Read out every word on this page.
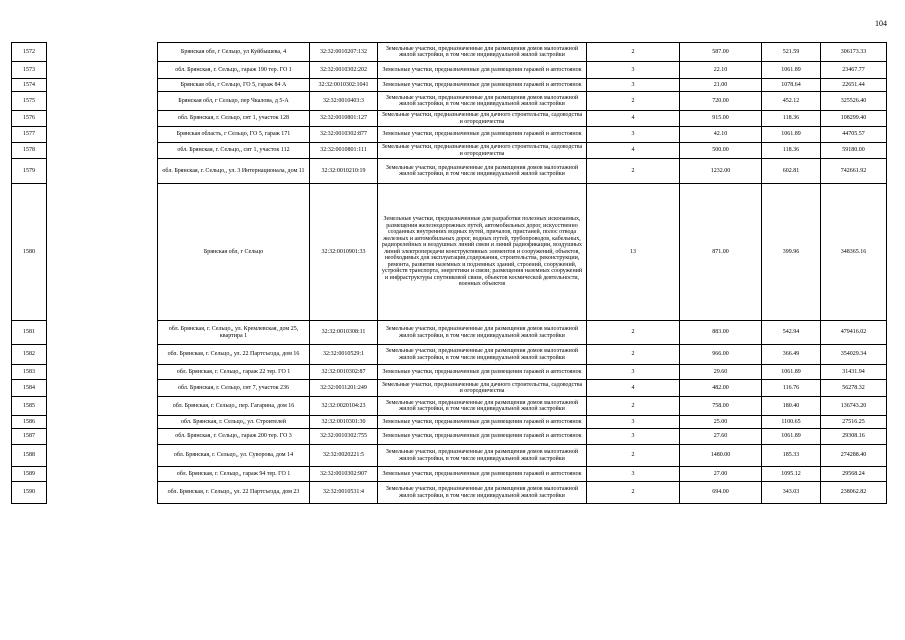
104
1572		Брянская обл, г Сельцо, ул Куйбышева, 4	32:32:0010207:132	Земельные участки, предназначенные для размещения домов малоэтажной жилой застройки, в том числе индивидуальной жилой застройки	2	587.00	521.59	306173.33
1573		обл. Брянская, г. Сельцо,, гараж 190 тер. ГО 1	32:32:0010302:202	Земельные участки, предназначенные для размещения гаражей и автостоянок	3	22.10	1061.89	23467.77
1574		Брянская обл, г Сельцо, ГО 5, гараж 84 А	32:32:0010302:1041	Земельные участки, предназначенные для размещения гаражей и автостоянок	3	21.00	1078.64	22651.44
1575		Брянская обл, г Сельцо, пер Чкалова, д 5-А	32:32:0010403:3	Земельные участки, предназначенные для размещения домов малоэтажной жилой застройки, в том числе индивидуальной жилой застройки	2	720.00	452.12	325526.40
1576		обл. Брянская, г. Сельцо, снт 1, участок 128	32:32:0010801:127	Земельные участки, предназначенные для дачного строительства, садоводства и огородничества	4	915.00	118.36	108299.40
1577		Брянская область, г Сельцо, ГО 5, гараж 171	32:32:0010302:877	Земельные участки, предназначенные для размещения гаражей и автостоянок	3	42.10	1061.89	44705.57
1578		обл. Брянская, г. Сельцо,, снт 1, участок 112	32:32:0010801:111	Земельные участки, предназначенные для дачного строительства, садоводства и огородничества	4	500.00	118.36	59180.00
1579		обл. Брянская, г. Сельцо,, ул. 3 Интернационала, дом 11	32:32:0010210:19	Земельные участки, предназначенные для размещения домов малоэтажной жилой застройки, в том числе индивидуальной жилой застройки	2	1232.00	602.81	742661.92
1580		Брянская обл, г Сельцо	32:32:0010901:33	Земельные участки, предназначенные для разработки полезных ископаемых, размещения железнодорожных путей, автомобильных дорог, искусственно созданных внутренних водных путей, причалов, пристаней, полос отвода железных и автомобильных дорог, водных путей, трубопроводов, кабельных, радиорелейных и воздушных линий связи и линий радиофикации, воздушных линий электропередачи конструктивных элементов и сооружений, объектов, необходимых для эксплуатации,содержания, строительства, реконструкции, ремонта, развития наземных и подземных зданий, строений, сооружений, устройств транспорта, энергетики и связи; размещения наземных сооружений и инфраструктуры спутниковой связи, объектов космической деятельности, военных объектов	13	871.00	399.96	348365.16
1581		обл. Брянская, г. Сельцо,, ул. Кремлевская, дом 25, квартира 1	32:32:0010308:11	Земельные участки, предназначенные для размещения домов малоэтажной жилой застройки, в том числе индивидуальной жилой застройки	2	883.00	542.94	479416.02
1582		обл. Брянская, г. Сельцо,, ул. 22 Партсъезда, дом 16	32:32:0010529:1	Земельные участки, предназначенные для размещения домов малоэтажной жилой застройки, в том числе индивидуальной жилой застройки	2	966.00	366.49	354029.34
1583		обл. Брянская, г. Сельцо,, гараж 22 тер. ГО 1	32:32:0010302:87	Земельные участки, предназначенные для размещения гаражей и автостоянок	3	29.60	1061.89	31431.94
1584		обл. Брянская, г. Сельцо, снт 7, участок 236	32:32:0011201:249	Земельные участки, предназначенные для дачного строительства, садоводства и огородничества	4	482.00	116.76	56278.32
1585		обл. Брянская, г. Сельцо,, пер. Гагарина, дом 16	32:32:0020104:23	Земельные участки, предназначенные для размещения домов малоэтажной жилой застройки, в том числе индивидуальной жилой застройки	2	758.00	180.40	136743.20
1586		обл. Брянская, г. Сельцо,, ул. Строителей	32:32:0010301:30	Земельные участки, предназначенные для размещения гаражей и автостоянок	3	25.00	1100.65	27516.25
1587		обл. Брянская, г. Сельцо,, гараж 200 тер. ГО 3	32:32:0010302:755	Земельные участки, предназначенные для размещения гаражей и автостоянок	3	27.60	1061.89	29308.16
1588		обл. Брянская, г. Сельцо,, ул. Суворова, дом 14	32:32:0020221:5	Земельные участки, предназначенные для размещения домов малоэтажной жилой застройки, в том числе индивидуальной жилой застройки	2	1480.00	185.33	274288.40
1589		обл. Брянская, г. Сельцо,, гараж 94 тер. ГО 1	32:32:0010302:907	Земельные участки, предназначенные для размещения гаражей и автостоянок	3	27.00	1095.12	29568.24
1590		обл. Брянская, г. Сельцо,, ул. 22 Партсъезда, дом 23	32:32:0010531:4	Земельные участки, предназначенные для размещения домов малоэтажной жилой застройки, в том числе индивидуальной жилой застройки	2	694.00	343.03	238062.82
